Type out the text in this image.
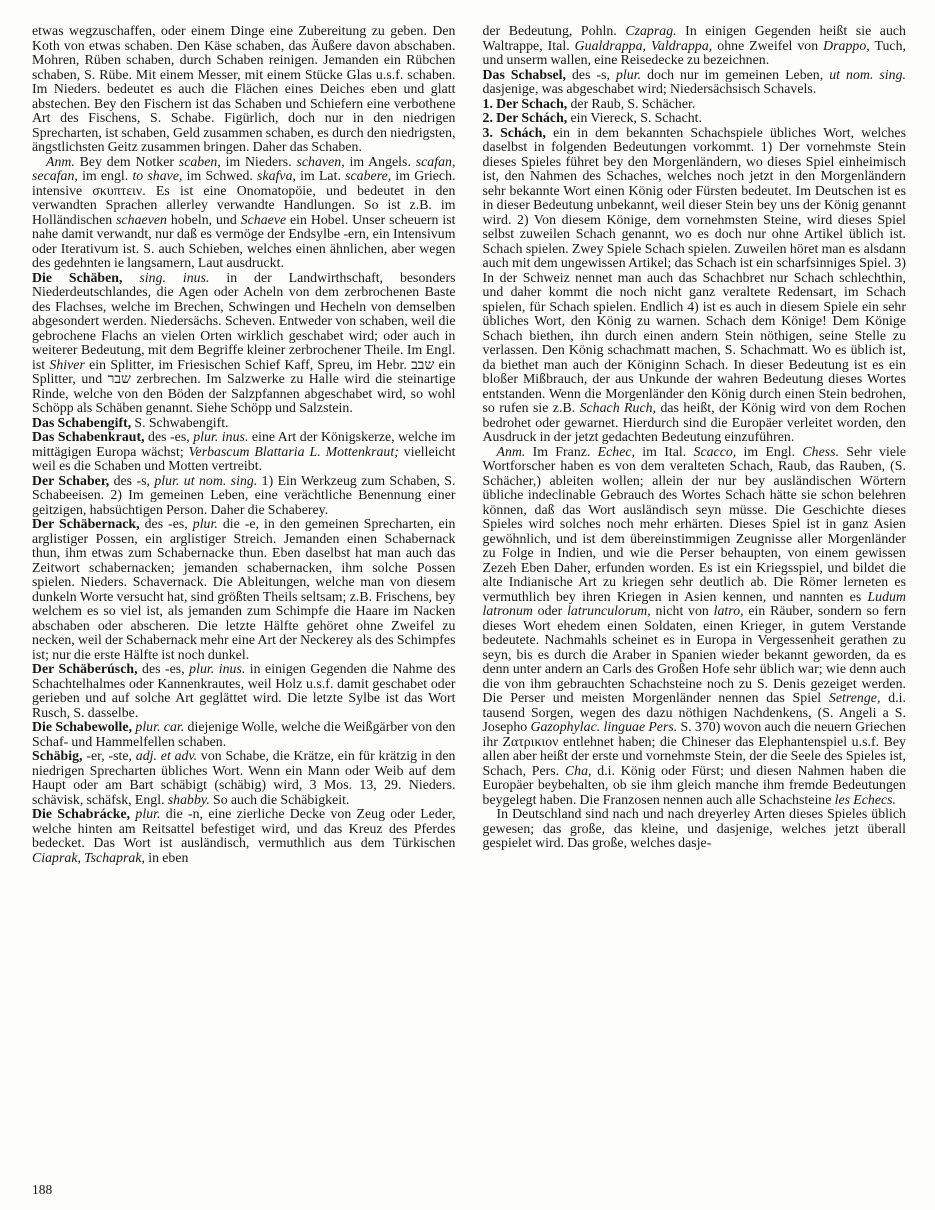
etwas wegzuschaffen, oder einem Dinge eine Zubereitung zu geben. Den Koth von etwas schaben. Den Käse schaben, das Äußere davon abschaben. Mohren, Rüben schaben, durch Schaben reinigen. Jemanden ein Rübchen schaben, S. Rübe. Mit einem Messer, mit einem Stücke Glas u.s.f. schaben. Im Nieders. bedeutet es auch die Flächen eines Deiches eben und glatt abstechen. Bey den Fischern ist das Schaben und Schiefern eine verbothene Art des Fischens, S. Schabe. Figürlich, doch nur in den niedrigen Sprecharten, ist schaben, Geld zusammen schaben, es durch den niedrigsten, ängstlichsten Geitz zusammen bringen. Daher das Schaben.

Anm. Bey dem Notker scaben, im Nieders. schaven, im Angels. scafan, secafan, im engl. to shave, im Schwed. skafva, im Lat. scabere, im Griech. intensive σκυπτειν. Es ist eine Onomatopöie, und bedeutet in den verwandten Sprachen allerley verwandte Handlungen. So ist z.B. im Holländischen schaeven hobeln, und Schaeve ein Hobel. Unser scheuern ist nahe damit verwandt, nur daß es vermöge der Endsylbe -ern, ein Intensivum oder Iterativum ist. S. auch Schieben, welches einen ähnlichen, aber wegen des gedehnten ie langsamern, Laut ausdruckt.

Die Schäben, sing. inus. in der Landwirthschaft, besonders Niederdeutschlandes, die Agen oder Acheln von dem zerbrochenen Baste des Flachses, welche im Brechen, Schwingen und Hecheln von demselben abgesondert werden. Niedersächs. Scheven. Entweder von schaben, weil die gebrochene Flachs an vielen Orten wirklich geschabet wird; oder auch in weiterer Bedeutung, mit dem Begriffe kleiner zerbrochener Theile. Im Engl. ist Shiver ein Splitter, im Friesischen Schief Kaff, Spreu, im Hebr. שבב ein Splitter, und שבר zerbrechen. Im Salzwerke zu Halle wird die steinartige Rinde, welche von den Böden der Salzpfannen abgeschabet wird, so wohl Schöpp als Schäben genannt. Siehe Schöpp und Salzstein.

Das Schabengift, S. Schwabengift.

Das Schabenkraut, des -es, plur. inus. eine Art der Königskerze, welche im mittägigen Europa wächst; Verbascum Blattaria L. Mottenkraut; vielleicht weil es die Schaben und Motten vertreibt.

Der Schaber, des -s, plur. ut nom. sing. 1) Ein Werkzeug zum Schaben, S. Schabeeisen. 2) Im gemeinen Leben, eine verächtliche Benennung einer geitzigen, habsüchtigen Person. Daher die Schaberey.

Der Schäbernack, des -es, plur. die -e, in den gemeinen Sprecharten, ein arglistiger Possen, ein arglistiger Streich. Jemanden einen Schabernack thun, ihm etwas zum Schabernacke thun. Eben daselbst hat man auch das Zeitwort schabernacken; jemanden schabernacken, ihm solche Possen spielen. Nieders. Schavernack. Die Ableitungen, welche man von diesem dunkeln Worte versucht hat, sind größten Theils seltsam; z.B. Frischens, bey welchem es so viel ist, als jemanden zum Schimpfe die Haare im Nacken abschaben oder abscheren. Die letzte Hälfte gehöret ohne Zweifel zu necken, weil der Schabernack mehr eine Art der Neckerey als des Schimpfes ist; nur die erste Hälfte ist noch dunkel.

Der Schäberúsch, des -es, plur. inus. in einigen Gegenden die Nahme des Schachtelhalmes oder Kannenkrautes, weil Holz u.s.f. damit geschabet oder gerieben und auf solche Art geglättet wird. Die letzte Sylbe ist das Wort Rusch, S. dasselbe.

Die Schabewolle, plur. car. diejenige Wolle, welche die Weißgärber von den Schaf- und Hammelfellen schaben.

Schäbig, -er, -ste, adj. et adv. von Schabe, die Krätze, ein für krätzig in den niedrigen Sprecharten übliches Wort. Wenn ein Mann oder Weib auf dem Haupt oder am Bart schäbigt (schäbig) wird, 3 Mos. 13, 29. Nieders. schävisk, schäfsk, Engl. shabby. So auch die Schäbigkeit.

Die Schabrácke, plur. die -n, eine zierliche Decke von Zeug oder Leder, welche hinten am Reitsattel befestiget wird, und das Kreuz des Pferdes bedecket. Das Wort ist ausländisch, vermuthlich aus dem Türkischen Ciaprak, Tschaprak, in eben

der Bedeutung, Pohln. Czaprag. In einigen Gegenden heißt sie auch Waltrappe, Ital. Gualdrappa, Valdrappa, ohne Zweifel von Drappo, Tuch, und unserm wallen, eine Reisedecke zu bezeichnen.

Das Schabsel, des -s, plur. doch nur im gemeinen Leben, ut nom. sing. dasjenige, was abgeschabet wird; Niedersächsisch Schavels.

1. Der Schach, der Raub, S. Schächer.

2. Der Schách, ein Viereck, S. Schacht.

3. Schách, ein in dem bekannten Schachspiele übliches Wort, welches daselbst in folgenden Bedeutungen vorkommt. 1) Der vornehmste Stein dieses Spieles führet bey den Morgenländern, wo dieses Spiel einheimisch ist, den Nahmen des Schaches, welches noch jetzt in den Morgenländern sehr bekannte Wort einen König oder Fürsten bedeutet. Im Deutschen ist es in dieser Bedeutung unbekannt, weil dieser Stein bey uns der König genannt wird. 2) Von diesem Könige, dem vornehmsten Steine, wird dieses Spiel selbst zuweilen Schach genannt, wo es doch nur ohne Artikel üblich ist. Schach spielen. Zwey Spiele Schach spielen. Zuweilen höret man es alsdann auch mit dem ungewissen Artikel; das Schach ist ein scharfsinniges Spiel. 3) In der Schweiz nennet man auch das Schachbret nur Schach schlechthin, und daher kommt die noch nicht ganz veraltete Redensart, im Schach spielen, für Schach spielen. Endlich 4) ist es auch in diesem Spiele ein sehr übliches Wort, den König zu warnen. Schach dem Könige! Dem Könige Schach biethen, ihn durch einen andern Stein nöthigen, seine Stelle zu verlassen. Den König schachmatt machen, S. Schachmatt. Wo es üblich ist, da biethet man auch der Königinn Schach. In dieser Bedeutung ist es ein bloßer Mißbrauch, der aus Unkunde der wahren Bedeutung dieses Wortes entstanden. Wenn die Morgenländer den König durch einen Stein bedrohen, so rufen sie z.B. Schach Ruch, das heißt, der König wird von dem Rochen bedrohet oder gewarnet. Hierdurch sind die Europäer verleitet worden, den Ausdruck in der jetzt gedachten Bedeutung einzuführen.

Anm. Im Franz. Echec, im Ital. Scacco, im Engl. Chess. Sehr viele Wortforscher haben es von dem veralteten Schach, Raub, das Rauben, (S. Schächer,) ableiten wollen; allein der nur bey ausländischen Wörtern übliche indeclinable Gebrauch des Wortes Schach hätte sie schon belehren können, daß das Wort ausländisch seyn müsse. Die Geschichte dieses Spieles wird solches noch mehr erhärten. Dieses Spiel ist in ganz Asien gewöhnlich, und ist dem übereinstimmigen Zeugnisse aller Morgenländer zu Folge in Indien, und wie die Perser behaupten, von einem gewissen Zezeh Eben Daher, erfunden worden. Es ist ein Kriegsspiel, und bildet die alte Indianische Art zu kriegen sehr deutlich ab. Die Römer lerneten es vermuthlich bey ihren Kriegen in Asien kennen, und nannten es Ludum latronum oder latrunculorum, nicht von latro, ein Räuber, sondern so fern dieses Wort ehedem einen Soldaten, einen Krieger, in gutem Verstande bedeutete. Nachmahls scheinet es in Europa in Vergessenheit gerathen zu seyn, bis es durch die Araber in Spanien wieder bekannt geworden, da es denn unter andern an Carls des Großen Hofe sehr üblich war; wie denn auch die von ihm gebrauchten Schachsteine noch zu S. Denis gezeiget werden. Die Perser und meisten Morgenländer nennen das Spiel Setrenge, d.i. tausend Sorgen, wegen des dazu nöthigen Nachdenkens, (S. Angeli a S. Josepho Gazophylac. linguae Pers. S. 370) wovon auch die neuern Griechen ihr Ζατρικιον entlehnet haben; die Chineser das Elephantenspiel u.s.f. Bey allen aber heißt der erste und vornehmste Stein, der die Seele des Spieles ist, Schach, Pers. Cha, d.i. König oder Fürst; und diesen Nahmen haben die Europäer beybehalten, ob sie ihm gleich manche ihm fremde Bedeutungen beygelegt haben. Die Franzosen nennen auch alle Schachsteine les Echecs.

In Deutschland sind nach und nach dreyerley Arten dieses Spieles üblich gewesen; das große, das kleine, und dasjenige, welches jetzt überall gespielet wird. Das große, welches dasje-

188
